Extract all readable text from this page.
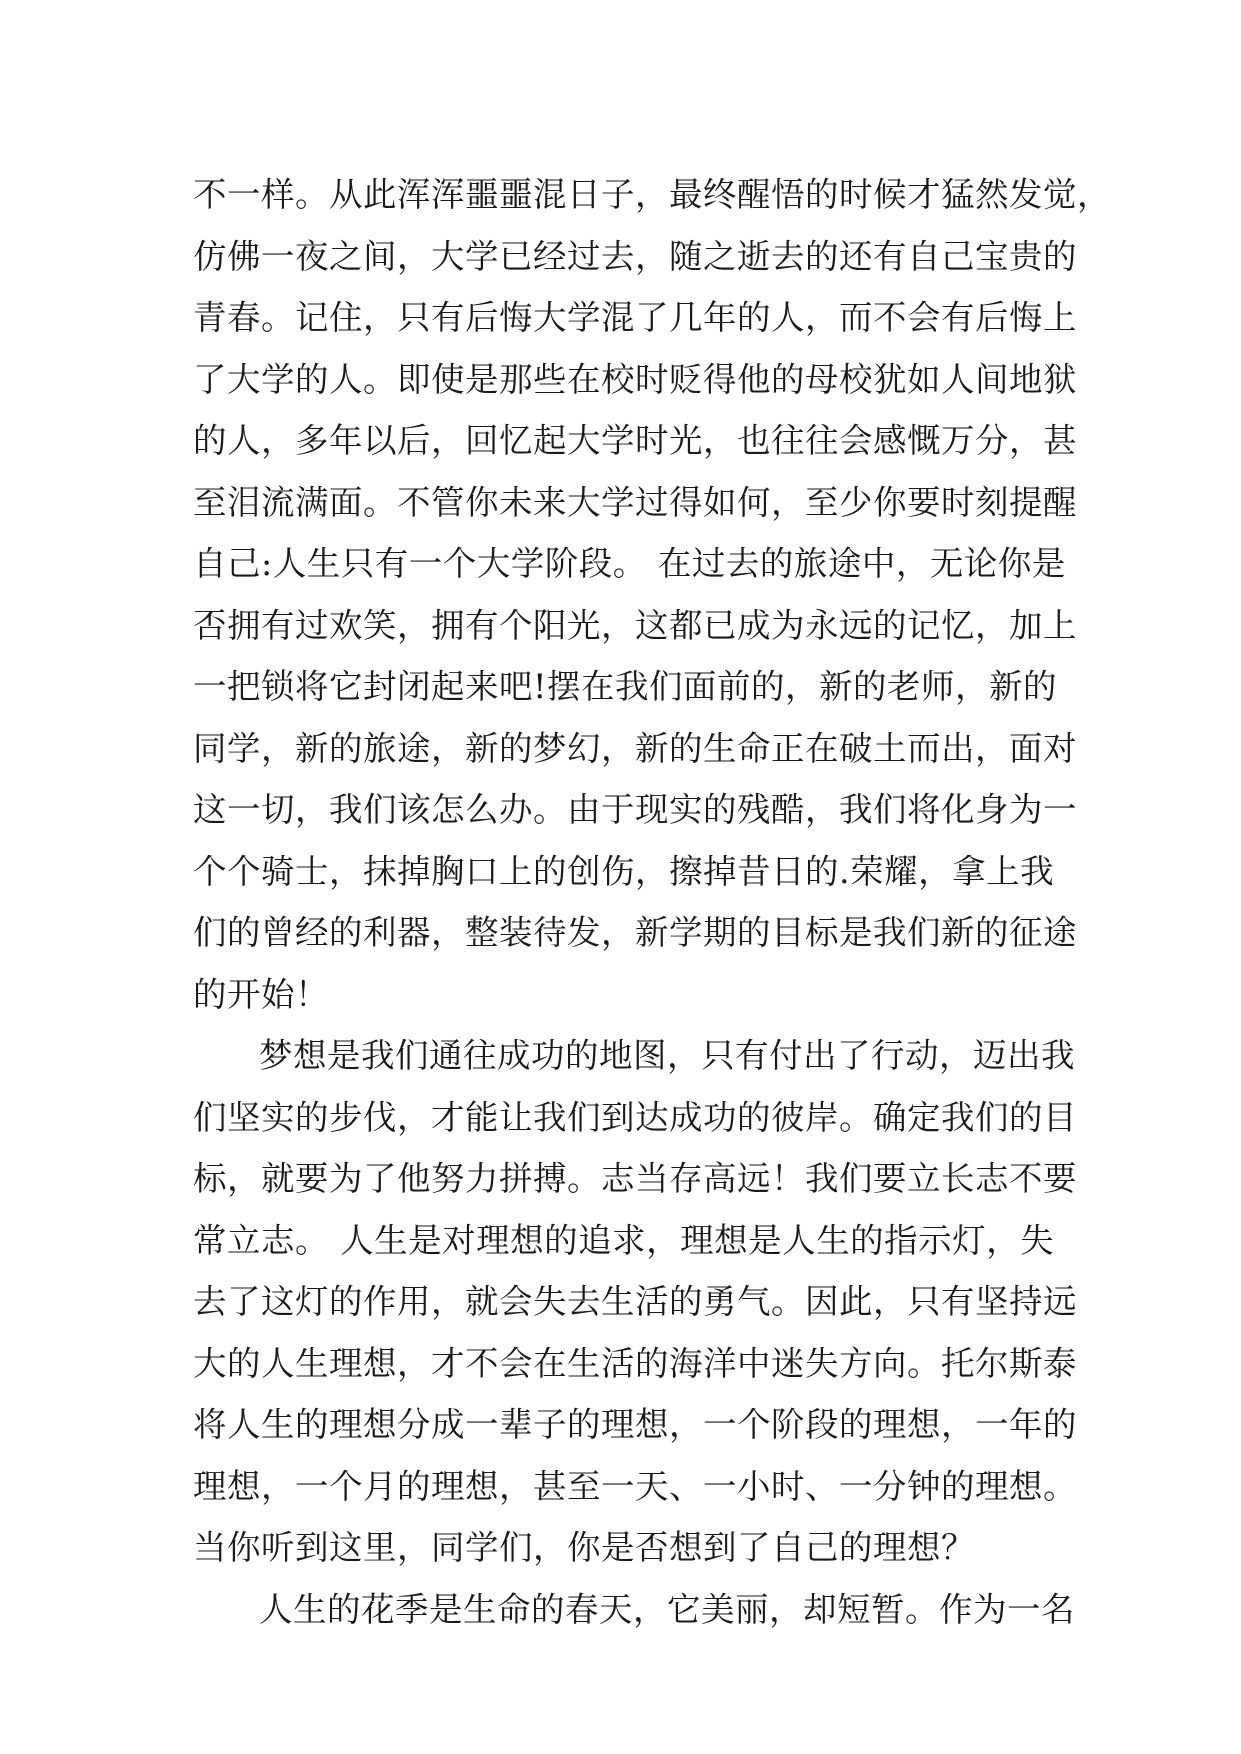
不一样。从此浑浑噩噩混日子，最终醒悟的时候才猛然发觉，
仿佛一夜之间，大学已经过去，随之逝去的还有自己宝贵的
青春。记住，只有后悔大学混了几年的人，而不会有后悔上
了大学的人。即使是那些在校时贬得他的母校犹如人间地狱
的人，多年以后，回忆起大学时光，也往往会感慨万分，甚
至泪流满面。不管你未来大学过得如何，至少你要时刻提醒
自己:人生只有一个大学阶段。 在过去的旅途中，无论你是
否拥有过欢笑，拥有个阳光，这都已成为永远的记忆，加上
一把锁将它封闭起来吧!摆在我们面前的，新的老师，新的
同学，新的旅途，新的梦幻，新的生命正在破土而出，面对
这一切，我们该怎么办。由于现实的残酷，我们将化身为一
个个骑士，抹掉胸口上的创伤，擦掉昔日的.荣耀，拿上我
们的曾经的利器，整装待发，新学期的目标是我们新的征途
的开始！
梦想是我们通往成功的地图，只有付出了行动，迈出我
们坚实的步伐，才能让我们到达成功的彼岸。确定我们的目
标，就要为了他努力拼搏。志当存高远！我们要立长志不要
常立志。 人生是对理想的追求，理想是人生的指示灯，失
去了这灯的作用，就会失去生活的勇气。因此，只有坚持远
大的人生理想，才不会在生活的海洋中迷失方向。托尔斯泰
将人生的理想分成一辈子的理想，一个阶段的理想，一年的
理想，一个月的理想，甚至一天、一小时、一分钟的理想。
当你听到这里，同学们，你是否想到了自己的理想？
人生的花季是生命的春天，它美丽，却短暂。作为一名
